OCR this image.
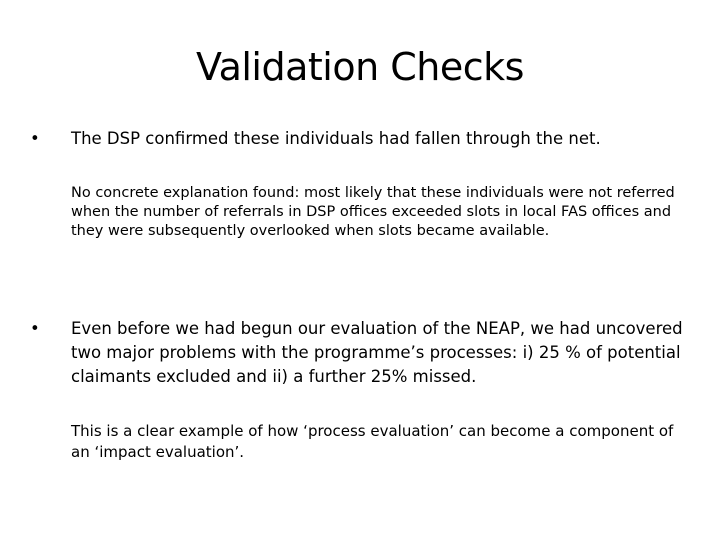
Validation Checks
•	The DSP confirmed these individuals had fallen through the net.
No concrete explanation found: most likely that these individuals were not referred when the number of referrals in DSP offices exceeded slots in local FAS offices and they were subsequently overlooked when slots became available.
•	Even before we had begun our evaluation of the NEAP, we had uncovered two major problems with the programme’s processes: i) 25 % of potential claimants excluded and ii) a further 25% missed.
This is a clear example of how ‘process evaluation’ can become a component of an ‘impact evaluation’.
